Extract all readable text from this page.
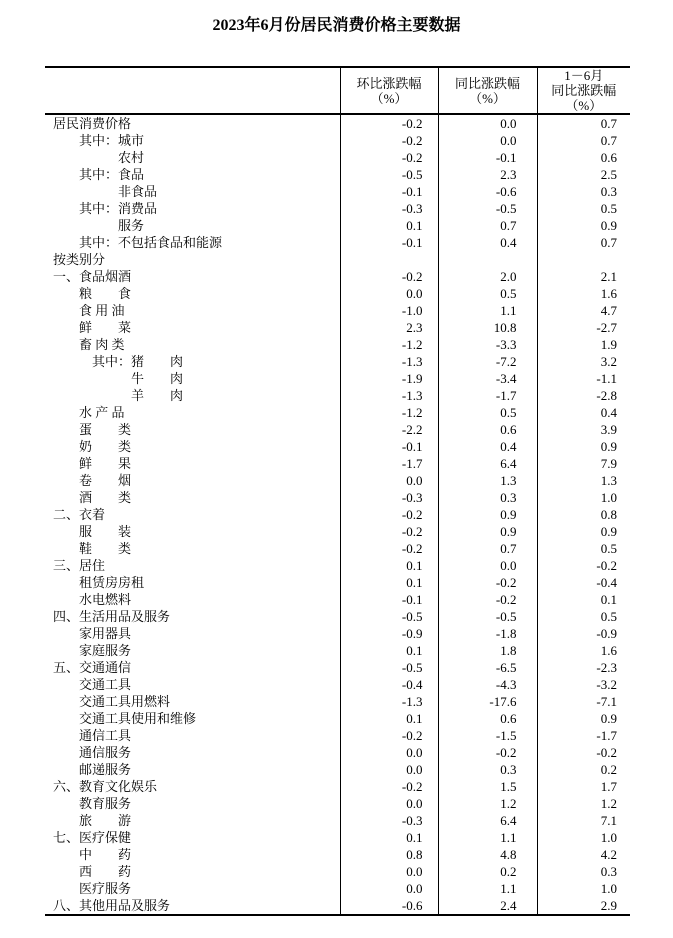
2023年6月份居民消费价格主要数据

环比涨跌幅
（%）

同比涨跌幅
（%）

1－6月
同比涨跌幅
（%）

居民消费价格	-0.2	0.0	0.7
　　其中：城市	-0.2	0.0	0.7
　　　　　农村	-0.2	-0.1	0.6
　　其中：食品	-0.5	2.3	2.5
　　　　　非食品	-0.1	-0.6	0.3
　　其中：消费品	-0.3	-0.5	0.5
　　　　　服务	0.1	0.7	0.9
　　其中：不包括食品和能源	-0.1	0.4	0.7
按类别分			
一、食品烟酒	-0.2	2.0	2.1
　　粮　　食	0.0	0.5	1.6
　　食 用 油	-1.0	1.1	4.7
　　鲜　　菜	2.3	10.8	-2.7
　　畜 肉 类	-1.2	-3.3	1.9
　　　其中：猪　　肉	-1.3	-7.2	3.2
　　　　　　牛　　肉	-1.9	-3.4	-1.1
　　　　　　羊　　肉	-1.3	-1.7	-2.8
　　水 产 品	-1.2	0.5	0.4
　　蛋　　类	-2.2	0.6	3.9
　　奶　　类	-0.1	0.4	0.9
　　鲜　　果	-1.7	6.4	7.9
　　卷　　烟	0.0	1.3	1.3
　　酒　　类	-0.3	0.3	1.0
二、衣着	-0.2	0.9	0.8
　　服　　装	-0.2	0.9	0.9
　　鞋　　类	-0.2	0.7	0.5
三、居住	0.1	0.0	-0.2
　　租赁房房租	0.1	-0.2	-0.4
　　水电燃料	-0.1	-0.2	0.1
四、生活用品及服务	-0.5	-0.5	0.5
　　家用器具	-0.9	-1.8	-0.9
　　家庭服务	0.1	1.8	1.6
五、交通通信	-0.5	-6.5	-2.3
　　交通工具	-0.4	-4.3	-3.2
　　交通工具用燃料	-1.3	-17.6	-7.1
　　交通工具使用和维修	0.1	0.6	0.9
　　通信工具	-0.2	-1.5	-1.7
　　通信服务	0.0	-0.2	-0.2
　　邮递服务	0.0	0.3	0.2
六、教育文化娱乐	-0.2	1.5	1.7
　　教育服务	0.0	1.2	1.2
　　旅　　游	-0.3	6.4	7.1
七、医疗保健	0.1	1.1	1.0
　　中　　药	0.8	4.8	4.2
　　西　　药	0.0	0.2	0.3
　　医疗服务	0.0	1.1	1.0
八、其他用品及服务	-0.6	2.4	2.9
